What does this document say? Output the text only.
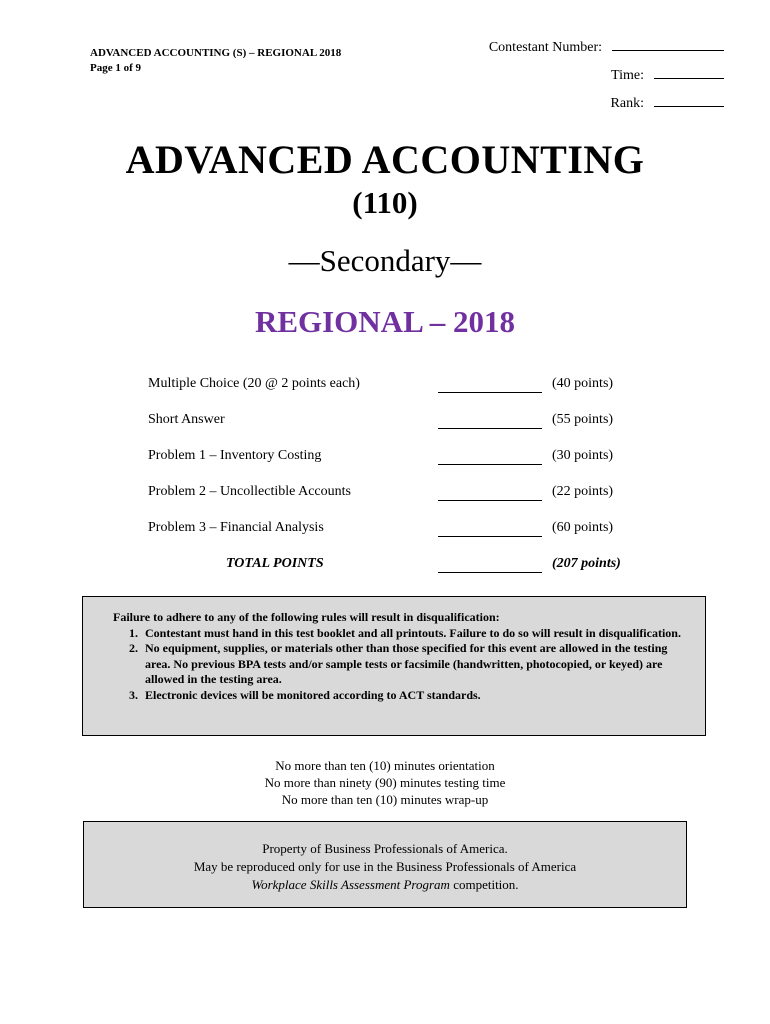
ADVANCED ACCOUNTING (S) – REGIONAL 2018
Page 1 of 9
Contestant Number:
Time:
Rank:
ADVANCED ACCOUNTING
(110)
—Secondary—
REGIONAL – 2018
Multiple Choice (20 @ 2 points each)	(40 points)
Short Answer	(55 points)
Problem 1 – Inventory Costing	(30 points)
Problem 2 – Uncollectible Accounts	(22 points)
Problem 3 – Financial Analysis	(60 points)
TOTAL POINTS	(207 points)
Failure to adhere to any of the following rules will result in disqualification:
1. Contestant must hand in this test booklet and all printouts. Failure to do so will result in disqualification.
2. No equipment, supplies, or materials other than those specified for this event are allowed in the testing area. No previous BPA tests and/or sample tests or facsimile (handwritten, photocopied, or keyed) are allowed in the testing area.
3. Electronic devices will be monitored according to ACT standards.
No more than ten (10) minutes orientation
No more than ninety (90) minutes testing time
No more than ten (10) minutes wrap-up
Property of Business Professionals of America.
May be reproduced only for use in the Business Professionals of America
Workplace Skills Assessment Program competition.
